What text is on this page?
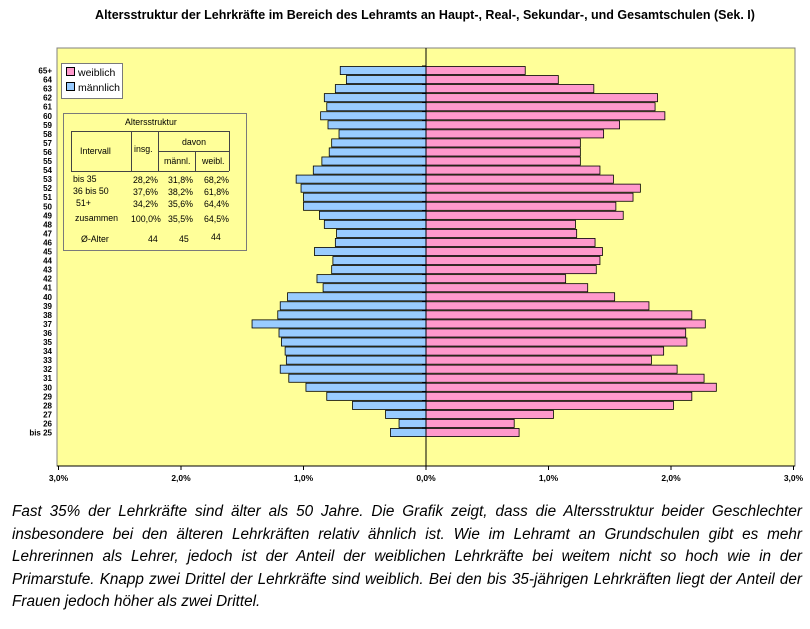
Altersstruktur der Lehrkräfte im Bereich des Lehramts an Haupt-, Real-, Sekundar-, und Gesamtschulen (Sek. I)
bis 25
26
27
28
29
30
31
32
33
34
35
36
37
38
39
40
41
42
43
44
45
46
47
48
49
50
51
52
53
54
55
56
57
58
59
60
61
62
63
64
65+
3,0%	2,0%	1,0%	0,0%	1,0%	2,0%	3,0%
weiblich
männlich
Altersstruktur
Intervall	insg.
davon
männl. weibl.
bis 35	28,2% 31,8% 68,2%
36 bis 50	37,6% 38,2% 61,8%
51+	34,2% 35,6% 64,4%
zusammen 100,0% 35,5% 64,5%
Ø-Alter	44 45	44
Fast 35% der Lehrkräfte sind älter als 50 Jahre. Die Grafik zeigt, dass die Altersstruktur beider Geschlechter insbesondere bei den älteren Lehrkräften relativ ähnlich ist. Wie im Lehramt an Grundschulen gibt es mehr Lehrerinnen als Lehrer, jedoch ist der Anteil der weiblichen Lehrkräfte bei weitem nicht so hoch wie in der Primarstufe. Knapp zwei Drittel der Lehrkräfte sind weiblich. Bei den bis 35-jährigen Lehrkräften liegt der Anteil der Frauen jedoch höher als zwei Drittel.
